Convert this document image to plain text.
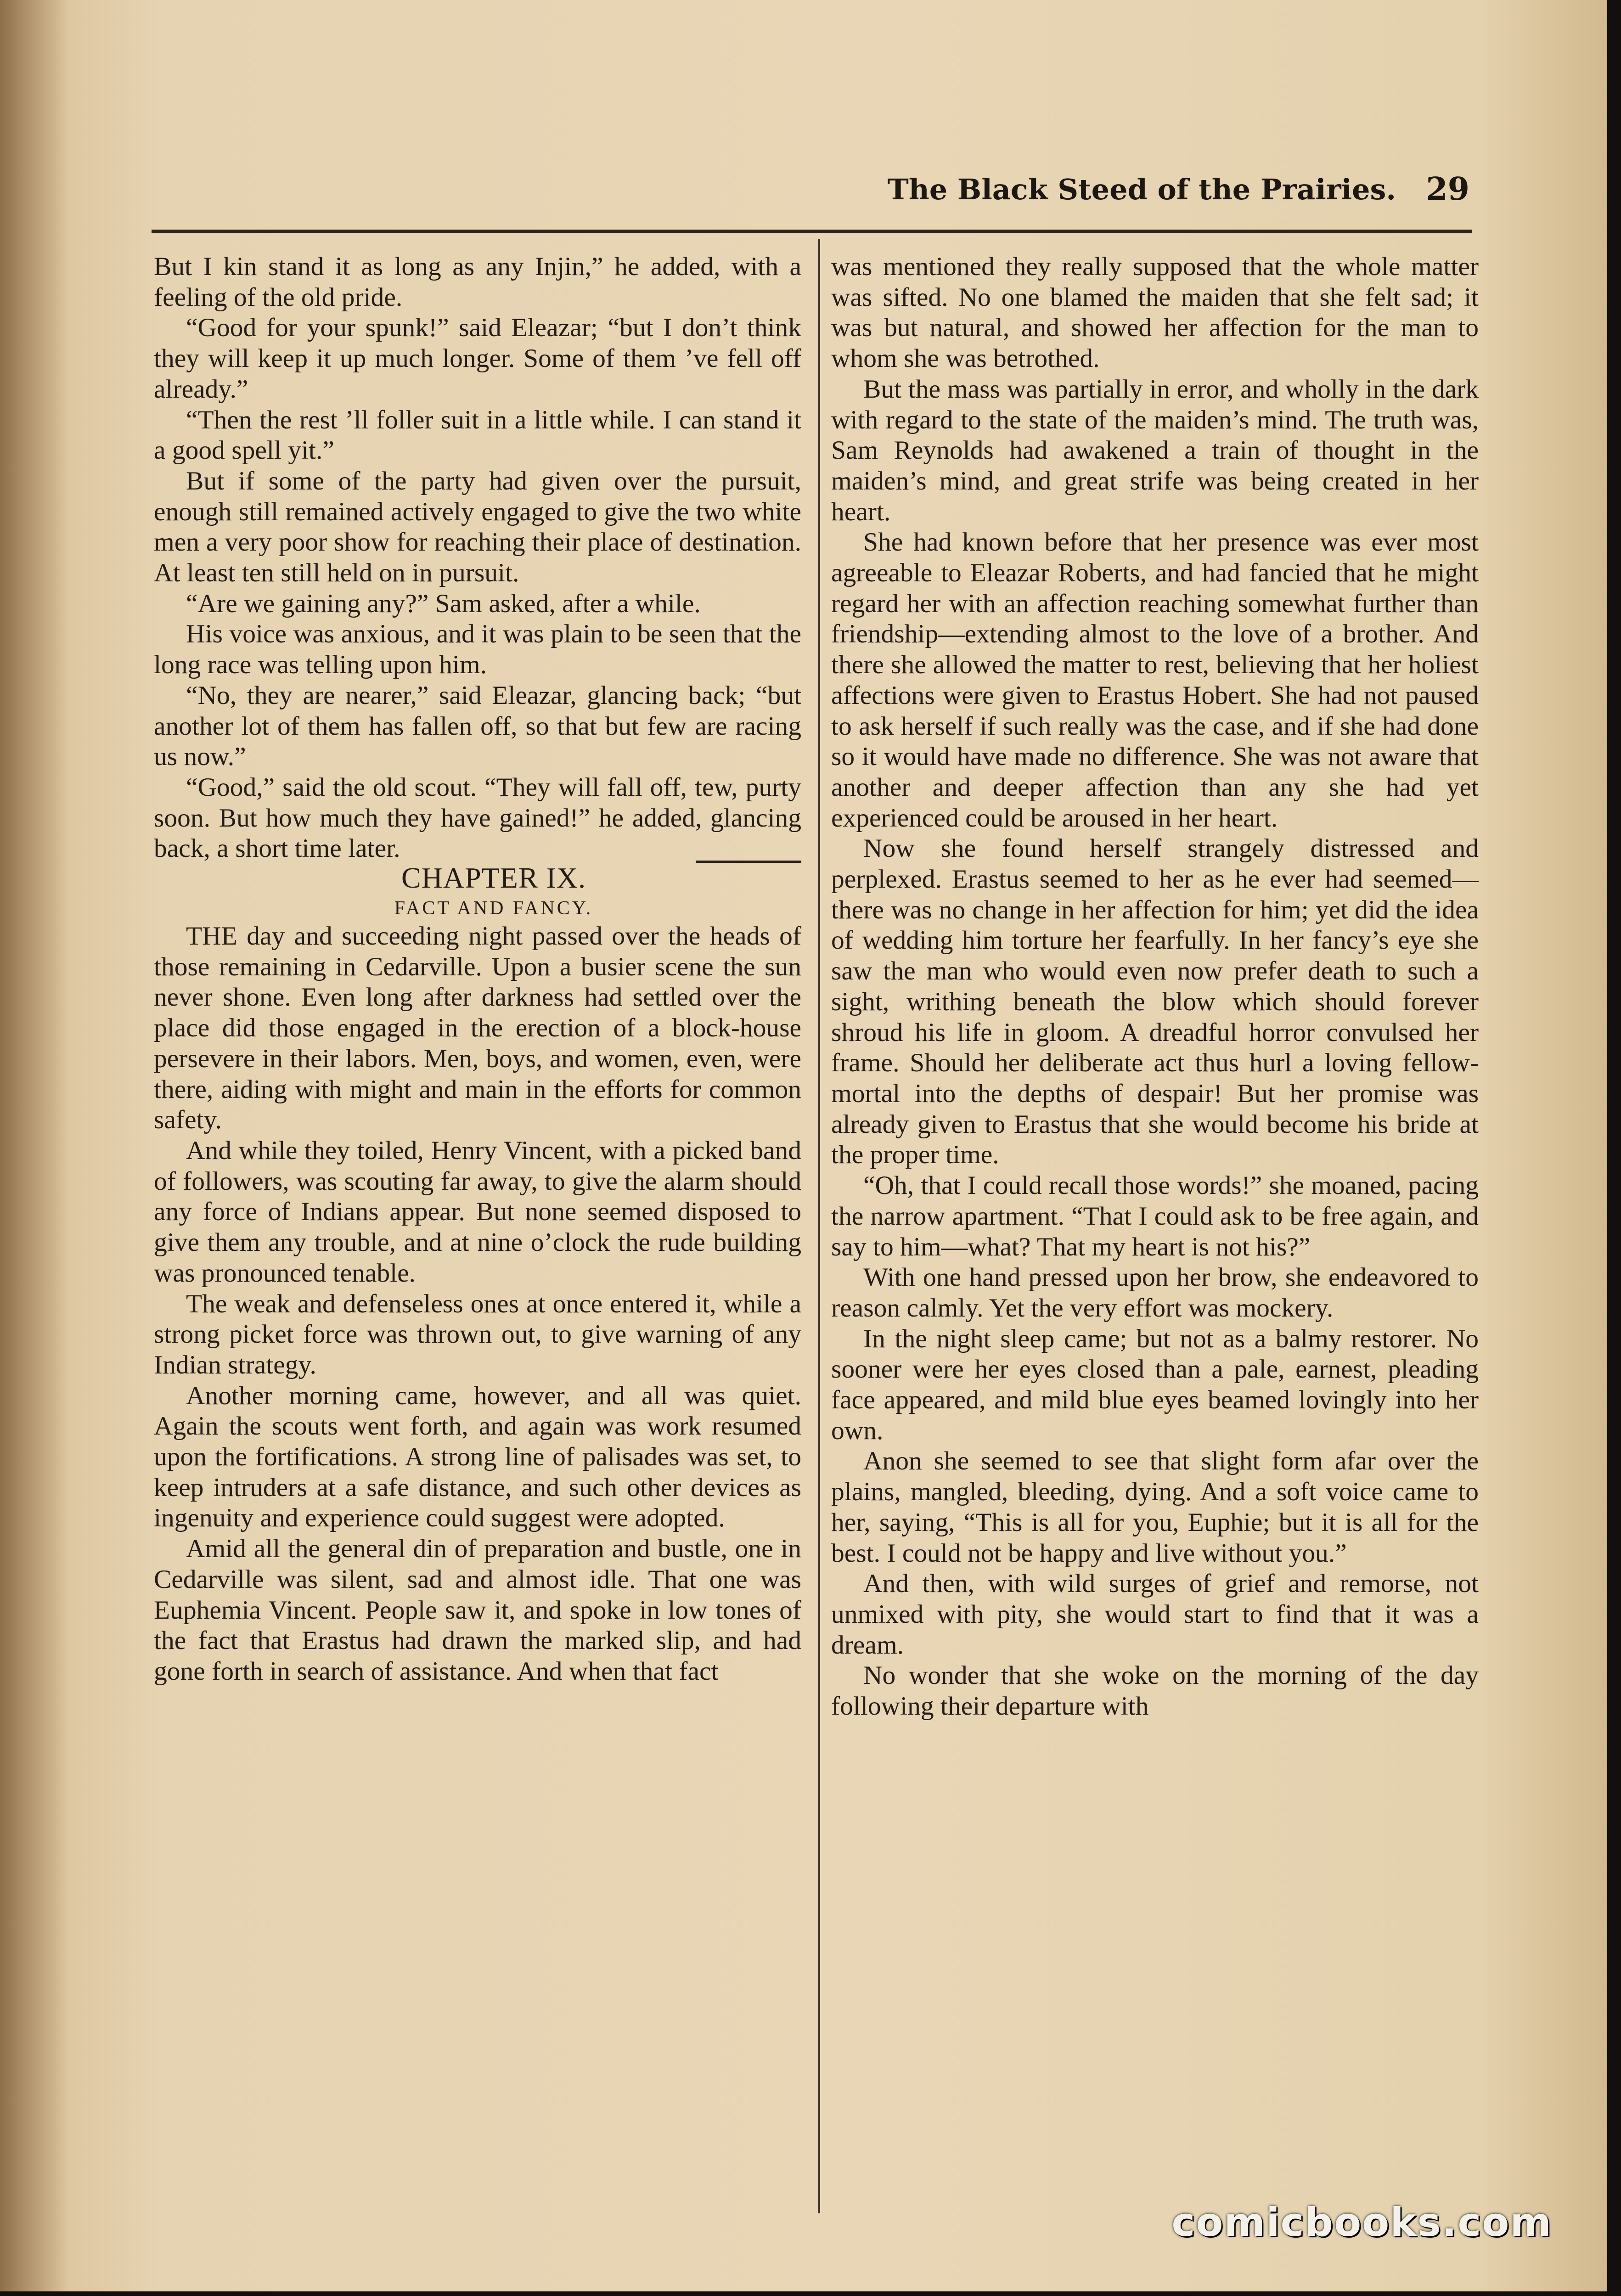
The Black Steed of the Prairies. 29

But I kin stand it as long as any Injin,” he added, with a feeling of the old pride.

“Good for your spunk!” said Eleazar; “but I don’t think they will keep it up much longer. Some of them ’ve fell off already.”

“Then the rest ’ll foller suit in a little while. I can stand it a good spell yit.”

But if some of the party had given over the pursuit, enough still remained actively engaged to give the two white men a very poor show for reaching their place of destination. At least ten still held on in pursuit.

“Are we gaining any?” Sam asked, after a while.

His voice was anxious, and it was plain to be seen that the long race was telling upon him.

“No, they are nearer,” said Eleazar, glancing back; “but another lot of them has fallen off, so that but few are racing us now.”

“Good,” said the old scout. “They will fall off, tew, purty soon. But how much they have gained!” he added, glancing back, a short time later.

CHAPTER IX.

FACT AND FANCY.

THE day and succeeding night passed over the heads of those remaining in Cedarville. Upon a busier scene the sun never shone. Even long after darkness had settled over the place did those engaged in the erection of a block-house persevere in their labors. Men, boys, and women, even, were there, aiding with might and main in the efforts for common safety.

And while they toiled, Henry Vincent, with a picked band of followers, was scouting far away, to give the alarm should any force of Indians appear. But none seemed disposed to give them any trouble, and at nine o’clock the rude building was pronounced tenable.

The weak and defenseless ones at once entered it, while a strong picket force was thrown out, to give warning of any Indian strategy.

Another morning came, however, and all was quiet. Again the scouts went forth, and again was work resumed upon the fortifications. A strong line of palisades was set, to keep intruders at a safe distance, and such other devices as ingenuity and experience could suggest were adopted.

Amid all the general din of preparation and bustle, one in Cedarville was silent, sad and almost idle. That one was Euphemia Vincent. People saw it, and spoke in low tones of the fact that Erastus had drawn the marked slip, and had gone forth in search of assistance. And when that fact

was mentioned they really supposed that the whole matter was sifted. No one blamed the maiden that she felt sad; it was but natural, and showed her affection for the man to whom she was betrothed.

But the mass was partially in error, and wholly in the dark with regard to the state of the maiden’s mind. The truth was, Sam Reynolds had awakened a train of thought in the maiden’s mind, and great strife was being created in her heart.

She had known before that her presence was ever most agreeable to Eleazar Roberts, and had fancied that he might regard her with an affection reaching somewhat further than friendship—extending almost to the love of a brother. And there she allowed the matter to rest, believing that her holiest affections were given to Erastus Hobert. She had not paused to ask herself if such really was the case, and if she had done so it would have made no difference. She was not aware that another and deeper affection than any she had yet experienced could be aroused in her heart.

Now she found herself strangely distressed and perplexed. Erastus seemed to her as he ever had seemed—there was no change in her affection for him; yet did the idea of wedding him torture her fearfully. In her fancy’s eye she saw the man who would even now prefer death to such a sight, writhing beneath the blow which should forever shroud his life in gloom. A dreadful horror convulsed her frame. Should her deliberate act thus hurl a loving fellow-mortal into the depths of despair! But her promise was already given to Erastus that she would become his bride at the proper time.

“Oh, that I could recall those words!” she moaned, pacing the narrow apartment. “That I could ask to be free again, and say to him—what? That my heart is not his?”

With one hand pressed upon her brow, she endeavored to reason calmly. Yet the very effort was mockery.

In the night sleep came; but not as a balmy restorer. No sooner were her eyes closed than a pale, earnest, pleading face appeared, and mild blue eyes beamed lovingly into her own.

Anon she seemed to see that slight form afar over the plains, mangled, bleeding, dying. And a soft voice came to her, saying, “This is all for you, Euphie; but it is all for the best. I could not be happy and live without you.”

And then, with wild surges of grief and remorse, not unmixed with pity, she would start to find that it was a dream.

No wonder that she woke on the morning of the day following their departure with

comicbooks.com
